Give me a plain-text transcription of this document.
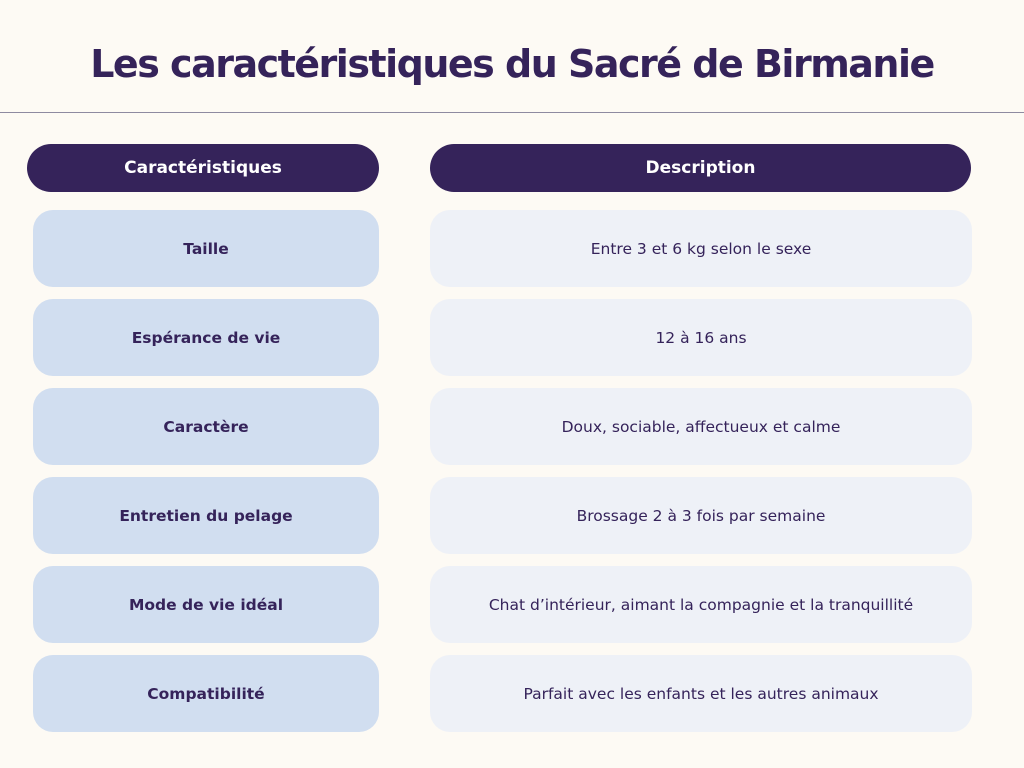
Les caractéristiques du Sacré de Birmanie
Caractéristiques	Description
Taille	Entre 3 et 6 kg selon le sexe
Espérance de vie	12 à 16 ans
Caractère	Doux, sociable, affectueux et calme
Entretien du pelage	Brossage 2 à 3 fois par semaine
Mode de vie idéal	Chat d’intérieur, aimant la compagnie et la tranquillité
Compatibilité	Parfait avec les enfants et les autres animaux
